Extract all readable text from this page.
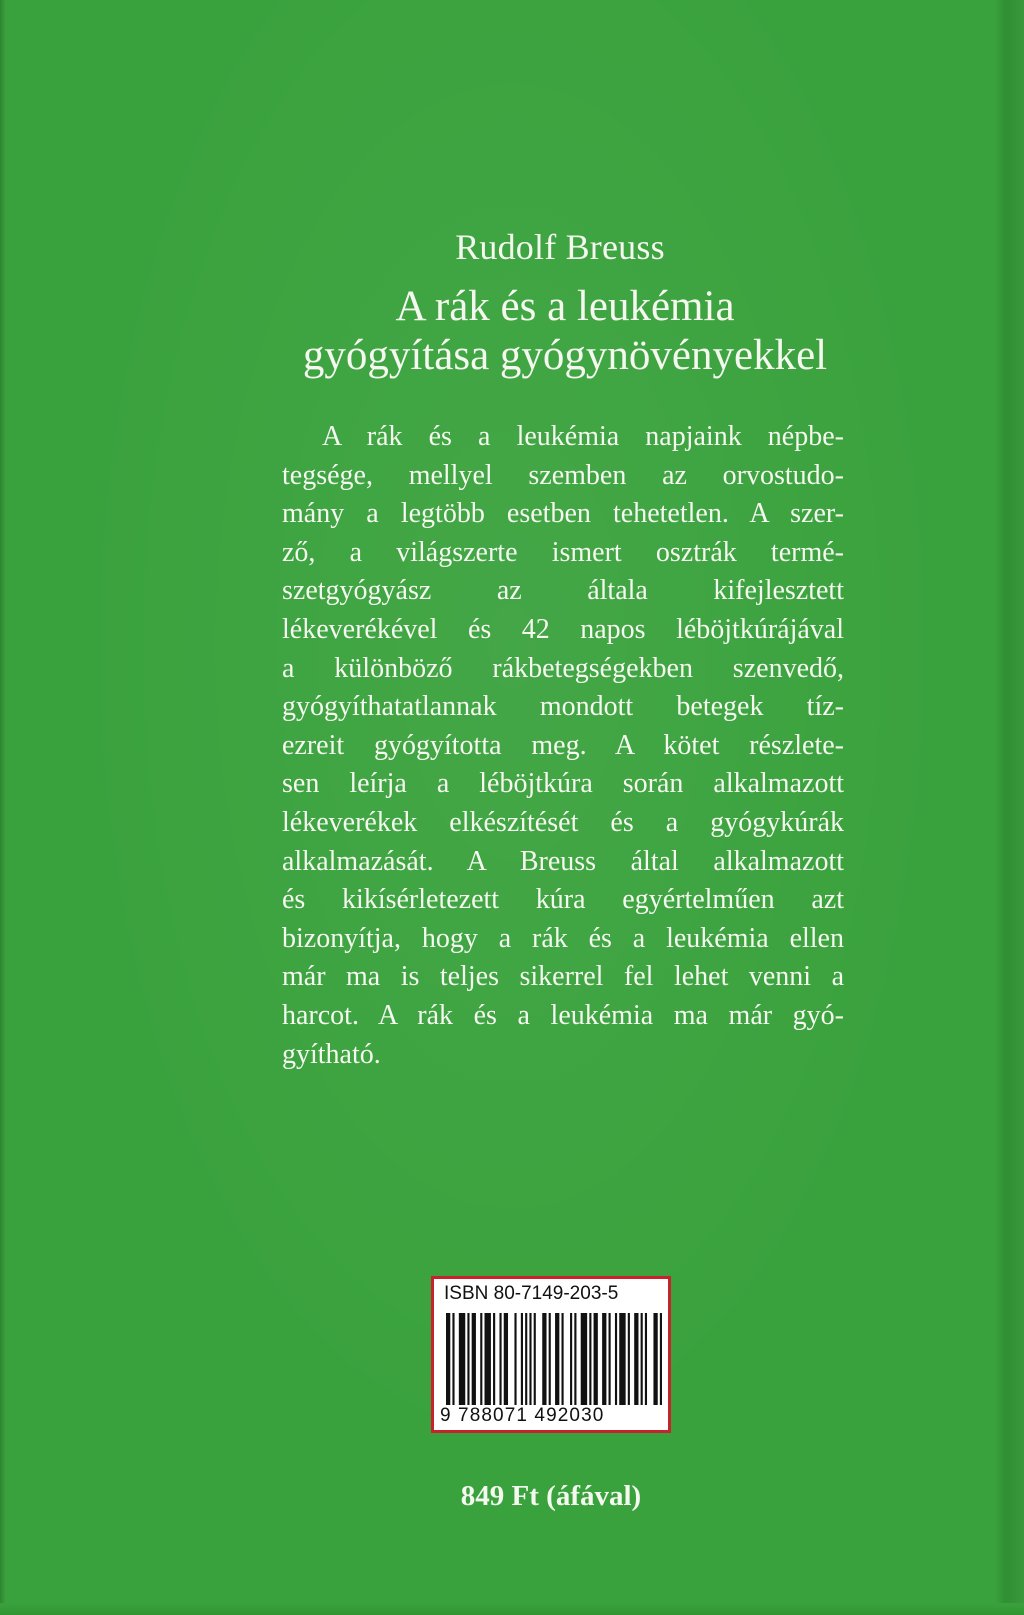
Rudolf Breuss
A rák és a leukémia
gyógyítása gyógynövényekkel
A rák és a leukémia napjaink népbe-
tegsége, mellyel szemben az orvostudo-
mány a legtöbb esetben tehetetlen. A szer-
ző, a világszerte ismert osztrák termé-
szetgyógyász az általa kifejlesztett
lékeverékével és 42 napos léböjtkúrájával
a különböző rákbetegségekben szenvedő,
gyógyíthatatlannak mondott betegek tíz-
ezreit gyógyította meg. A kötet részlete-
sen leírja a léböjtkúra során alkalmazott
lékeverékek elkészítését és a gyógykúrák
alkalmazását. A Breuss által alkalmazott
és kikísérletezett kúra egyértelműen azt
bizonyítja, hogy a rák és a leukémia ellen
már ma is teljes sikerrel fel lehet venni a
harcot. A rák és a leukémia ma már gyó-
gyítható.
ISBN 80-7149-203-5
9 788071 492030
849 Ft (áfával)
